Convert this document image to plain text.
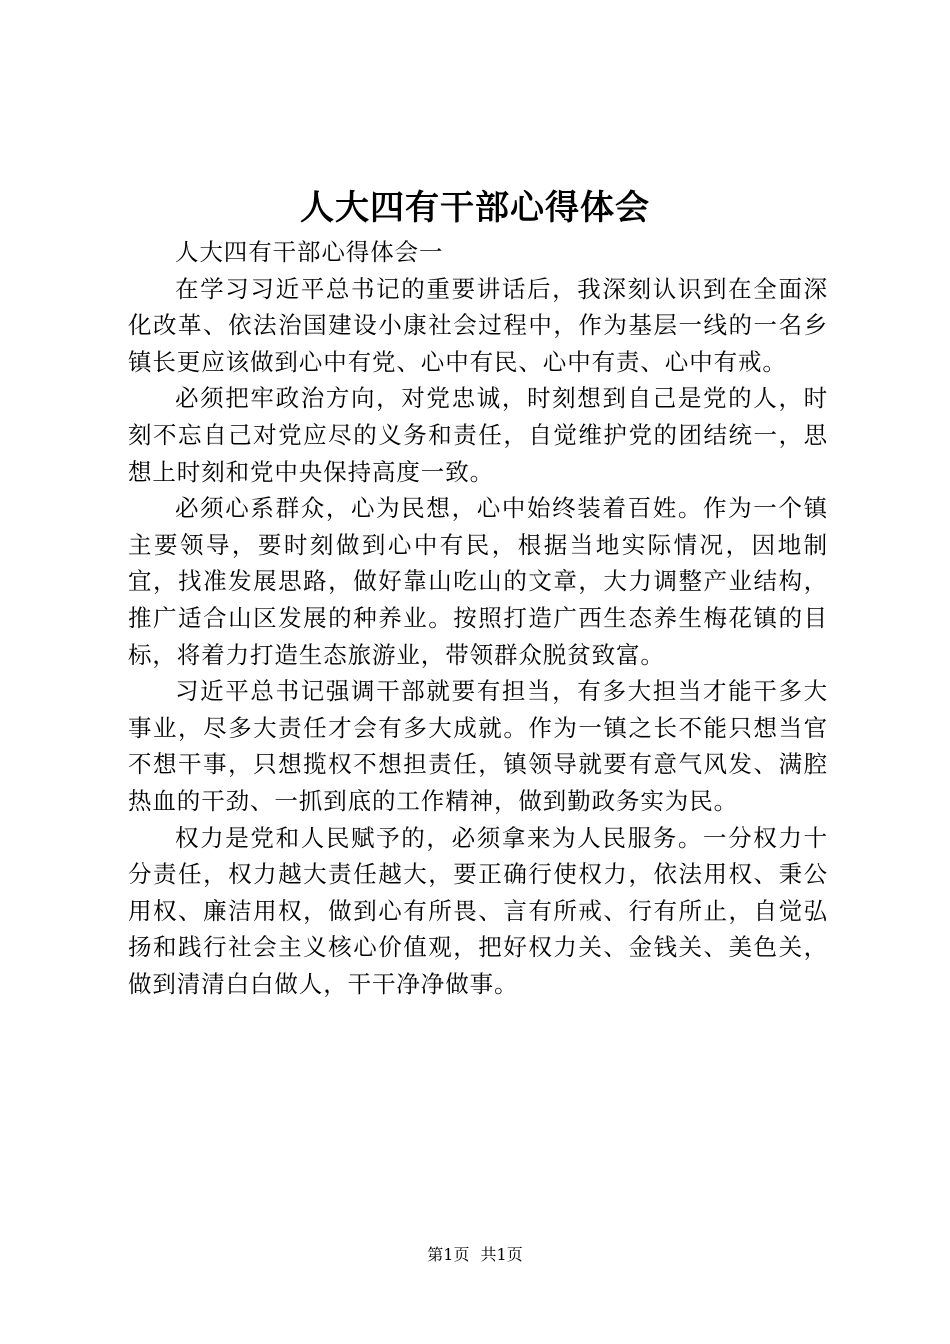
人大四有干部心得体会

人大四有干部心得体会一

在学习习近平总书记的重要讲话后，我深刻认识到在全面深化改革、依法治国建设小康社会过程中，作为基层一线的一名乡镇长更应该做到心中有党、心中有民、心中有责、心中有戒。

必须把牢政治方向，对党忠诚，时刻想到自己是党的人，时刻不忘自己对党应尽的义务和责任，自觉维护党的团结统一，思想上时刻和党中央保持高度一致。

必须心系群众，心为民想，心中始终装着百姓。作为一个镇主要领导，要时刻做到心中有民，根据当地实际情况，因地制宜，找准发展思路，做好靠山吃山的文章，大力调整产业结构，推广适合山区发展的种养业。按照打造广西生态养生梅花镇的目标，将着力打造生态旅游业，带领群众脱贫致富。

习近平总书记强调干部就要有担当，有多大担当才能干多大事业，尽多大责任才会有多大成就。作为一镇之长不能只想当官不想干事，只想揽权不想担责任，镇领导就要有意气风发、满腔热血的干劲、一抓到底的工作精神，做到勤政务实为民。

权力是党和人民赋予的，必须拿来为人民服务。一分权力十分责任，权力越大责任越大，要正确行使权力，依法用权、秉公用权、廉洁用权，做到心有所畏、言有所戒、行有所止，自觉弘扬和践行社会主义核心价值观，把好权力关、金钱关、美色关，做到清清白白做人，干干净净做事。

第1页 共1页
